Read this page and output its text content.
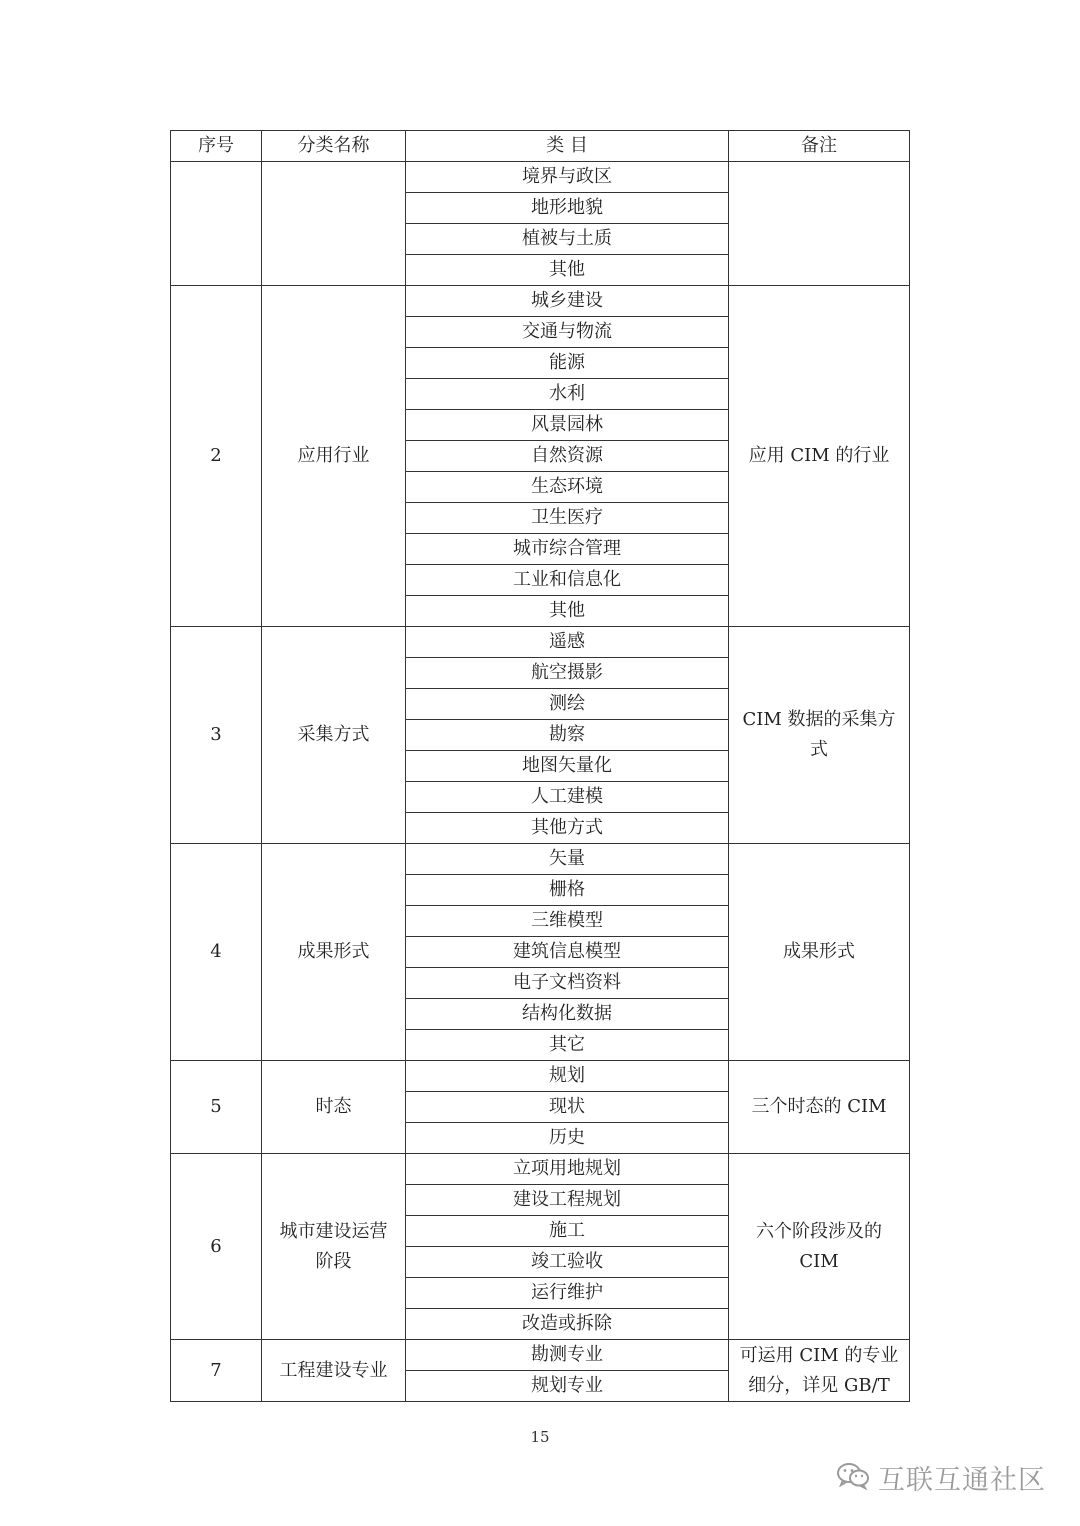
序号	分类名称	类 目	备注
		境界与政区	
		地形地貌	
		植被与土质	
		其他	
2	应用行业	城乡建设	应用 CIM 的行业
		交通与物流	
		能源	
		水利	
		风景园林	
		自然资源	
		生态环境	
		卫生医疗	
		城市综合管理	
		工业和信息化	
		其他	
3	采集方式	遥感	CIM 数据的采集方式
		航空摄影	
		测绘	
		勘察	
		地图矢量化	
		人工建模	
		其他方式	
4	成果形式	矢量	成果形式
		栅格	
		三维模型	
		建筑信息模型	
		电子文档资料	
		结构化数据	
		其它	
5	时态	规划	三个时态的 CIM
		现状	
		历史	
6	城市建设运营阶段	立项用地规划	六个阶段涉及的 CIM
		建设工程规划	
		施工	
		竣工验收	
		运行维护	
		改造或拆除	
7	工程建设专业	勘测专业	可运用 CIM 的专业细分，详见 GB/T
		规划专业	
15
互联互通社区
